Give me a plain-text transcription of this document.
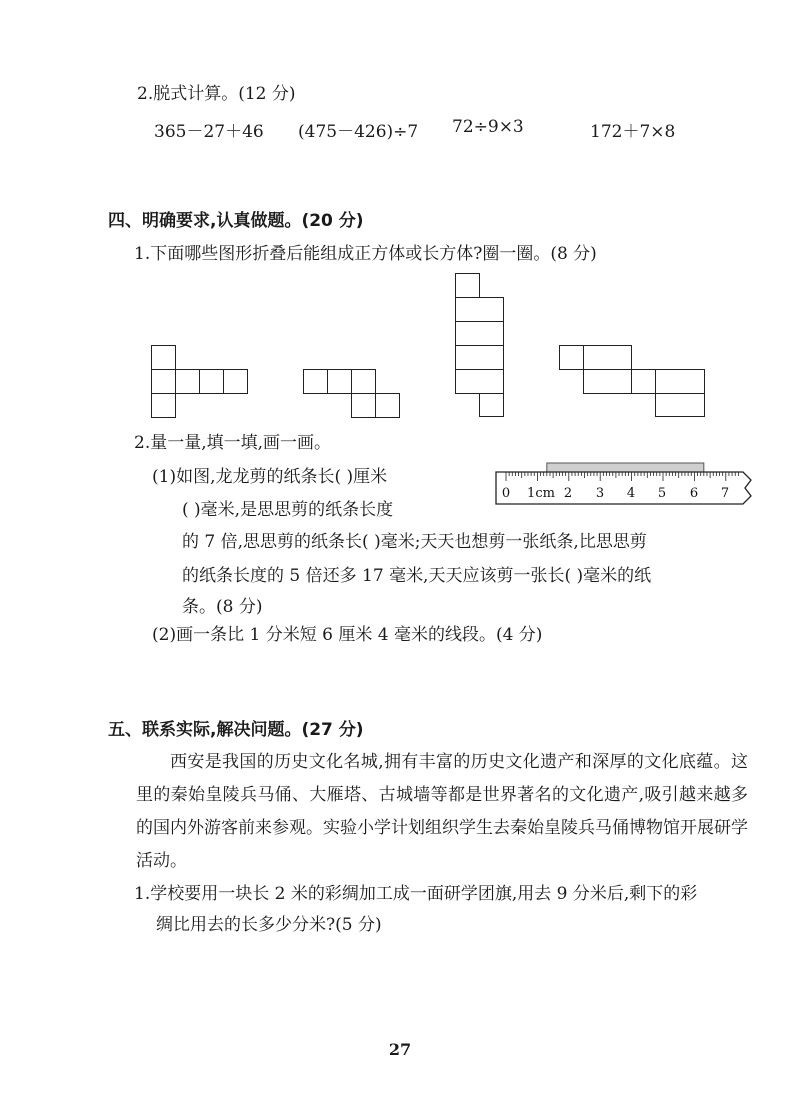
2.脱式计算。(12 分)
365－27＋46 (475－426)÷7 72÷9×3	172＋7×8
四、明确要求,认真做题。(20 分)
1.下面哪些图形折叠后能组成正方体或长方体?圈一圈。(8 分)
2.量一量,填一填,画一画。
(1)如图,龙龙剪的纸条长( )厘米
( )毫米,是思思剪的纸条长度
的 7 倍,思思剪的纸条长( )毫米;天天也想剪一张纸条,比思思剪
的纸条长度的 5 倍还多 17 毫米,天天应该剪一张长( )毫米的纸
条。(8 分)
(2)画一条比 1 分米短 6 厘米 4 毫米的线段。(4 分)
0 1cm 2 3 4 5 6 7
五、联系实际,解决问题。(27 分)
西安是我国的历史文化名城,拥有丰富的历史文化遗产和深厚的文化底蕴。这里的秦始皇陵兵马俑、大雁塔、古城墙等都是世界著名的文化遗产,吸引越来越多的国内外游客前来参观。实验小学计划组织学生去秦始皇陵兵马俑博物馆开展研学活动。
1.学校要用一块长 2 米的彩绸加工成一面研学团旗,用去 9 分米后,剩下的彩
绸比用去的长多少分米?(5 分)
27
